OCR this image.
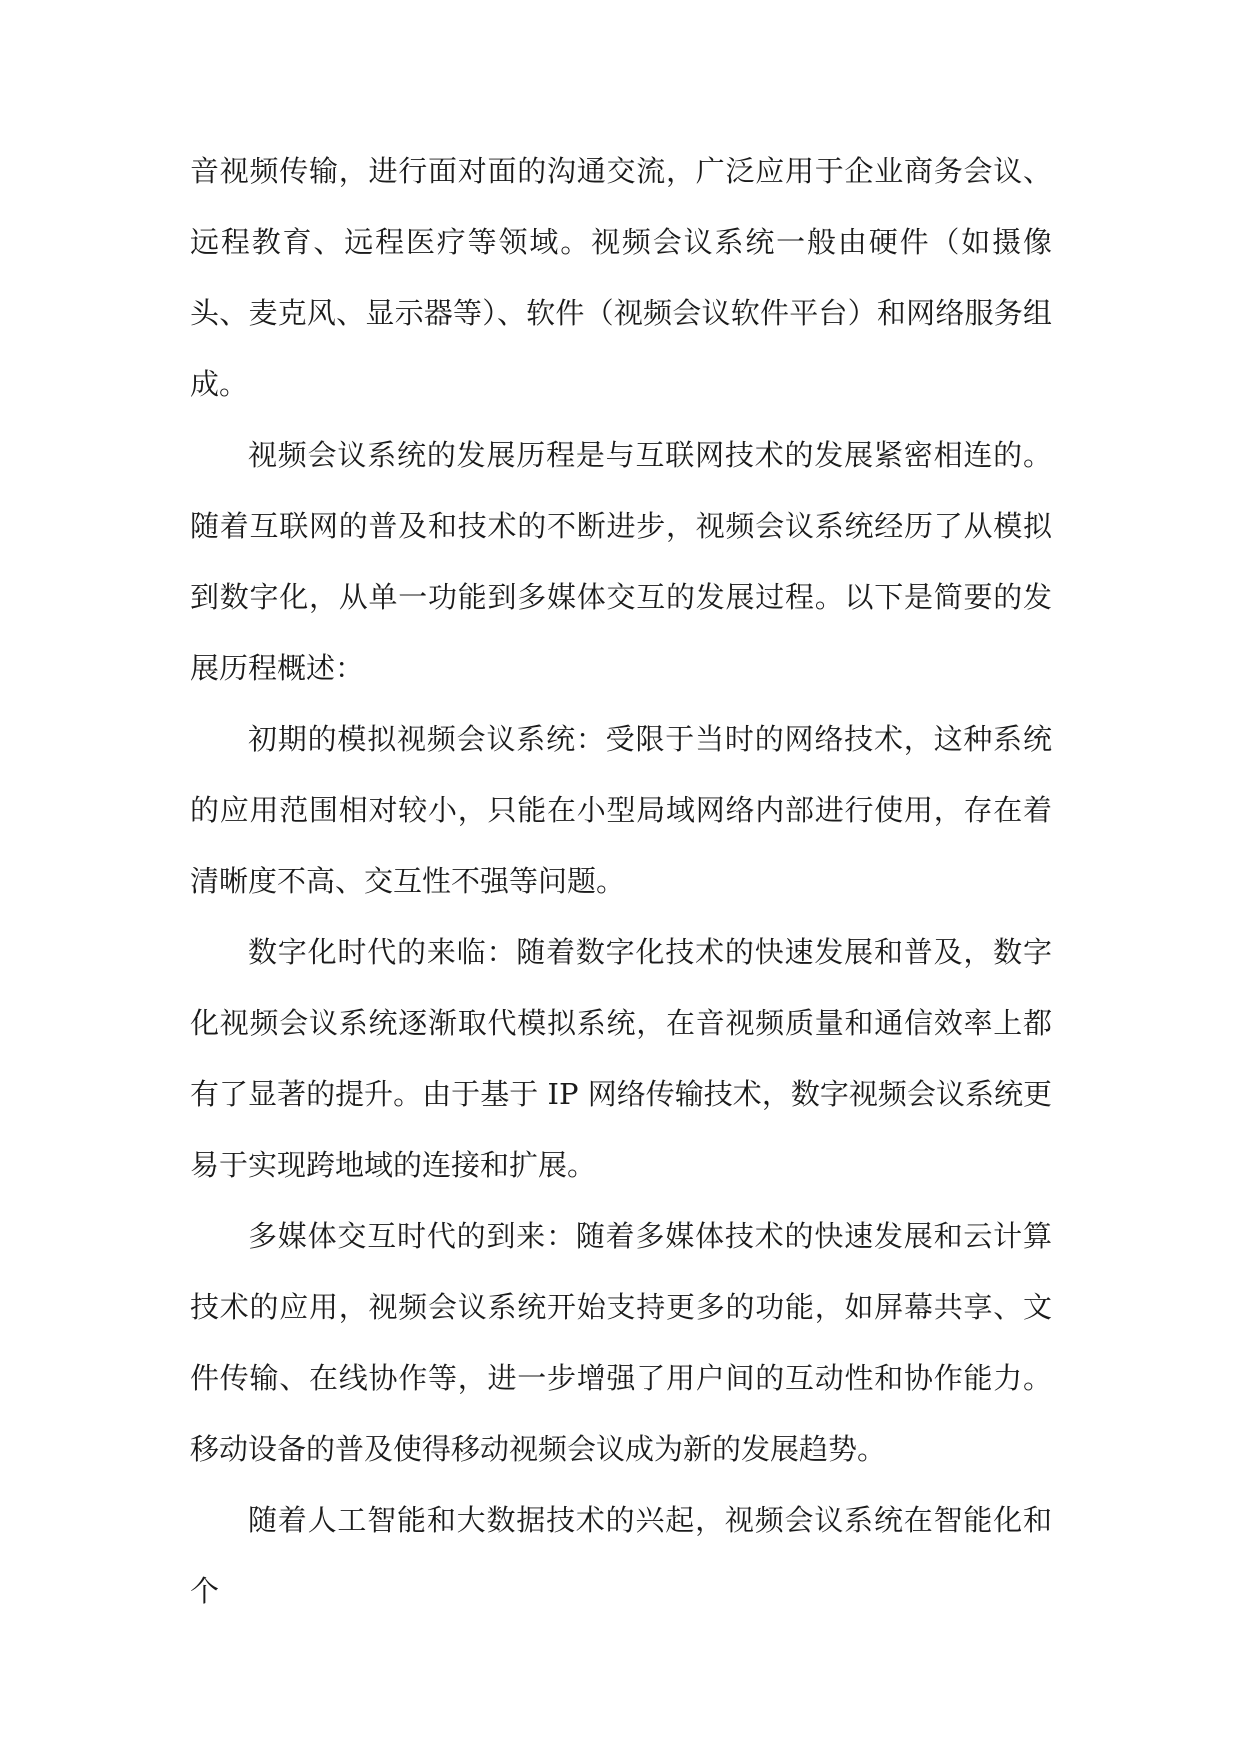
音视频传输，进行面对面的沟通交流，广泛应用于企业商务会议、远程教育、远程医疗等领域。视频会议系统一般由硬件（如摄像头、麦克风、显示器等）、软件（视频会议软件平台）和网络服务组成。

视频会议系统的发展历程是与互联网技术的发展紧密相连的。随着互联网的普及和技术的不断进步，视频会议系统经历了从模拟到数字化，从单一功能到多媒体交互的发展过程。以下是简要的发展历程概述：

初期的模拟视频会议系统：受限于当时的网络技术，这种系统的应用范围相对较小，只能在小型局域网络内部进行使用，存在着清晰度不高、交互性不强等问题。

数字化时代的来临：随着数字化技术的快速发展和普及，数字化视频会议系统逐渐取代模拟系统，在音视频质量和通信效率上都有了显著的提升。由于基于 IP 网络传输技术，数字视频会议系统更易于实现跨地域的连接和扩展。

多媒体交互时代的到来：随着多媒体技术的快速发展和云计算技术的应用，视频会议系统开始支持更多的功能，如屏幕共享、文件传输、在线协作等，进一步增强了用户间的互动性和协作能力。移动设备的普及使得移动视频会议成为新的发展趋势。

随着人工智能和大数据技术的兴起，视频会议系统在智能化和个
